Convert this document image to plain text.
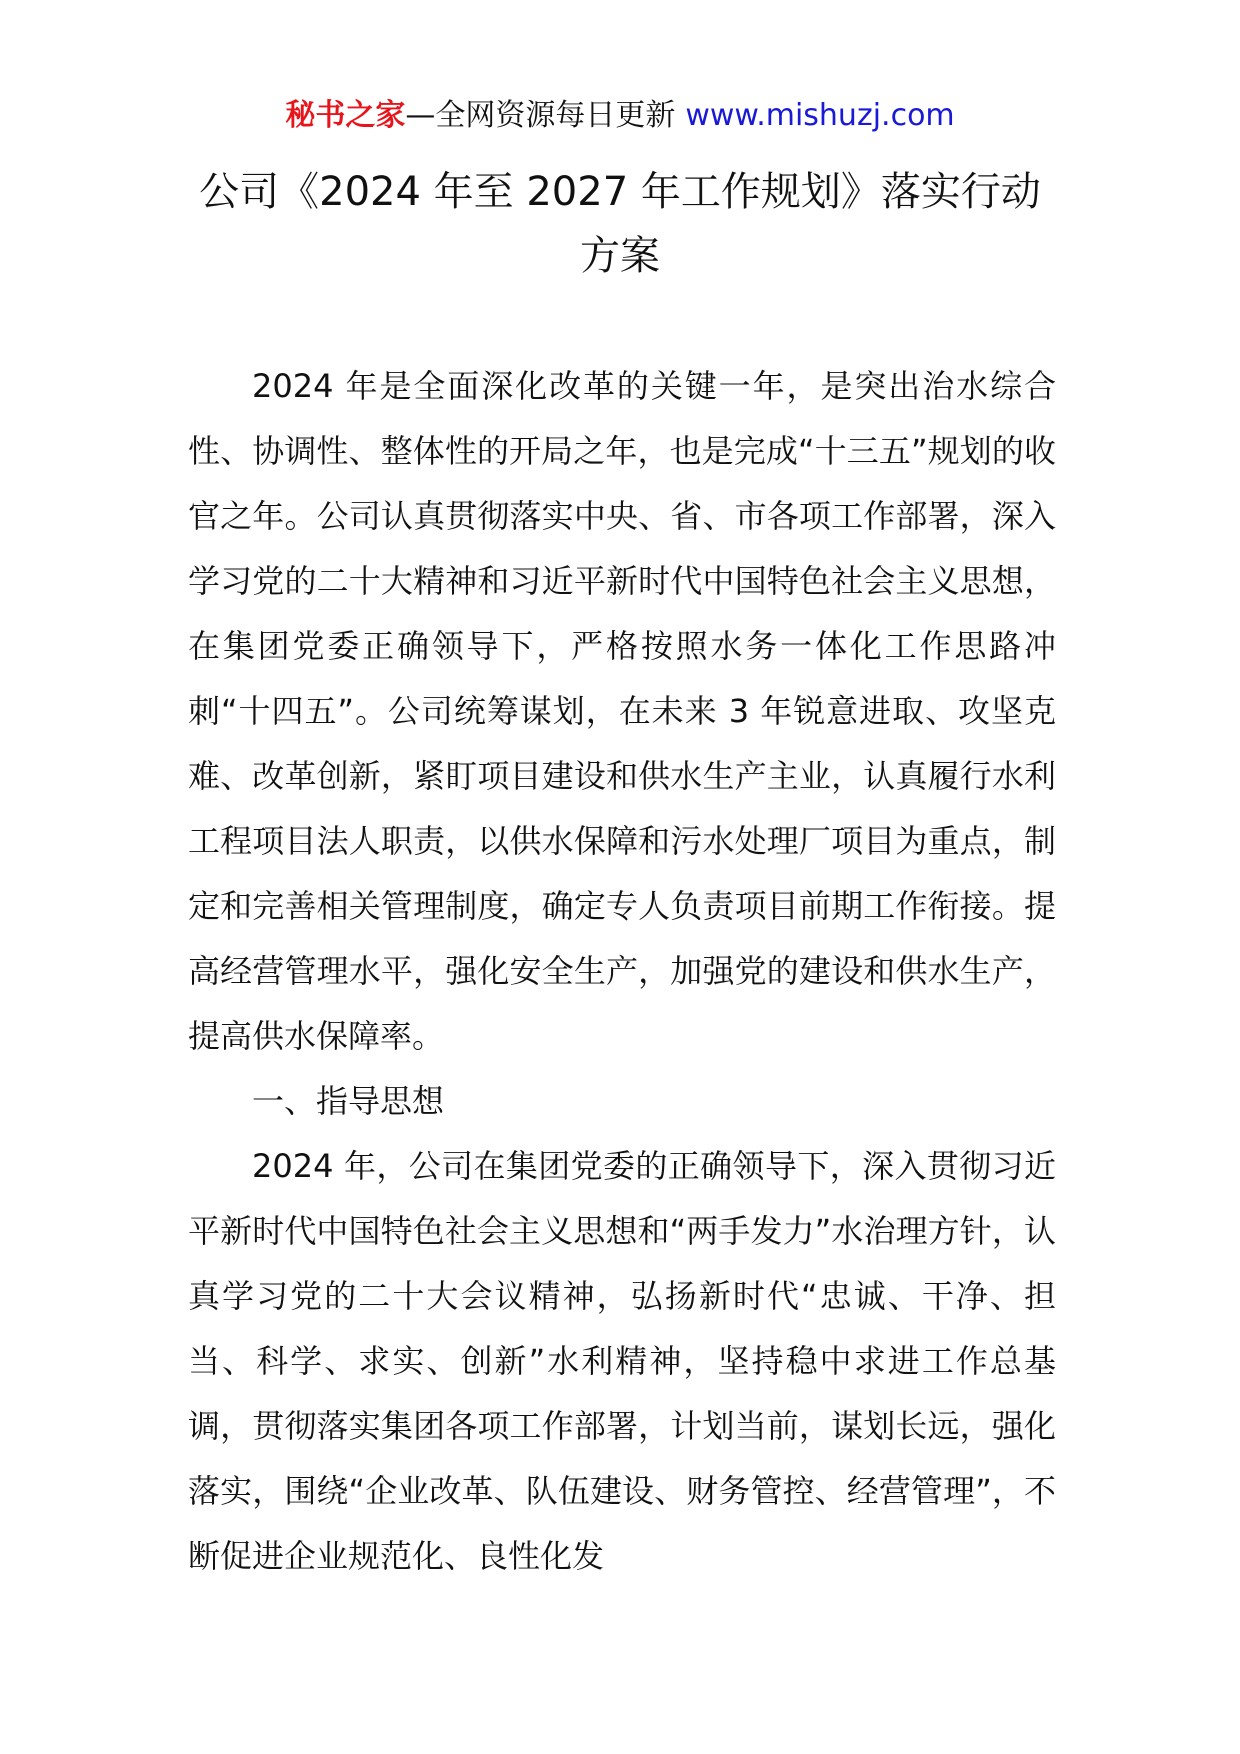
秘书之家—全网资源每日更新 www.mishuzj.com
公司《2024 年至 2027 年工作规划》落实行动
方案

2024 年是全面深化改革的关键一年，是突出治水综合性、协调性、整体性的开局之年，也是完成“十三五”规划的收官之年。公司认真贯彻落实中央、省、市各项工作部署，深入学习党的二十大精神和习近平新时代中国特色社会主义思想，在集团党委正确领导下，严格按照水务一体化工作思路冲刺“十四五”。公司统筹谋划，在未来 3 年锐意进取、攻坚克难、改革创新，紧盯项目建设和供水生产主业，认真履行水利工程项目法人职责，以供水保障和污水处理厂项目为重点，制定和完善相关管理制度，确定专人负责项目前期工作衔接。提高经营管理水平，强化安全生产，加强党的建设和供水生产，提高供水保障率。

一、指导思想

2024 年，公司在集团党委的正确领导下，深入贯彻习近平新时代中国特色社会主义思想和“两手发力”水治理方针，认真学习党的二十大会议精神，弘扬新时代“忠诚、干净、担当、科学、求实、创新”水利精神，坚持稳中求进工作总基调，贯彻落实集团各项工作部署，计划当前，谋划长远，强化落实，围绕“企业改革、队伍建设、财务管控、经营管理”，不断促进企业规范化、良性化发
